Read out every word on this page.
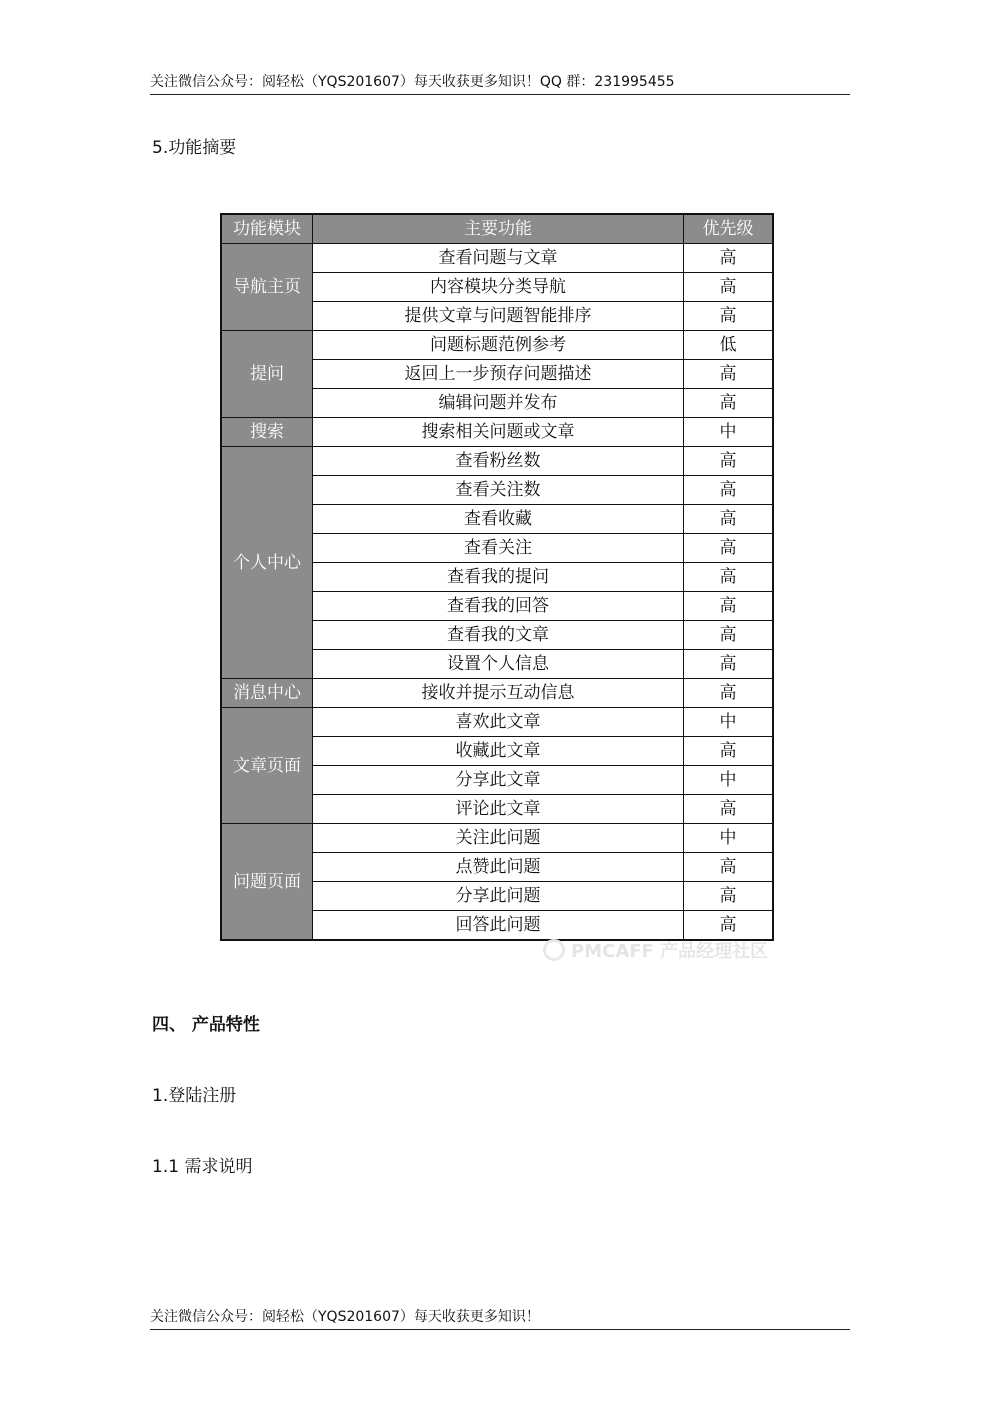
关注微信公众号：阅轻松（YQS201607）每天收获更多知识！QQ 群：231995455
5.功能摘要
功能模块	主要功能	优先级
导航主页	查看问题与文章	高
	内容模块分类导航	高
	提供文章与问题智能排序	高
提问	问题标题范例参考	低
	返回上一步预存问题描述	高
	编辑问题并发布	高
搜索	搜索相关问题或文章	中
个人中心	查看粉丝数	高
	查看关注数	高
	查看收藏	高
	查看关注	高
	查看我的提问	高
	查看我的回答	高
	查看我的文章	高
	设置个人信息	高
消息中心	接收并提示互动信息	高
文章页面	喜欢此文章	中
	收藏此文章	高
	分享此文章	中
	评论此文章	高
问题页面	关注此问题	中
	点赞此问题	高
	分享此问题	高
	回答此问题	高
PMCAFF 产品经理社区
四、 产品特性
1.登陆注册
1.1 需求说明
关注微信公众号：阅轻松（YQS201607）每天收获更多知识！
